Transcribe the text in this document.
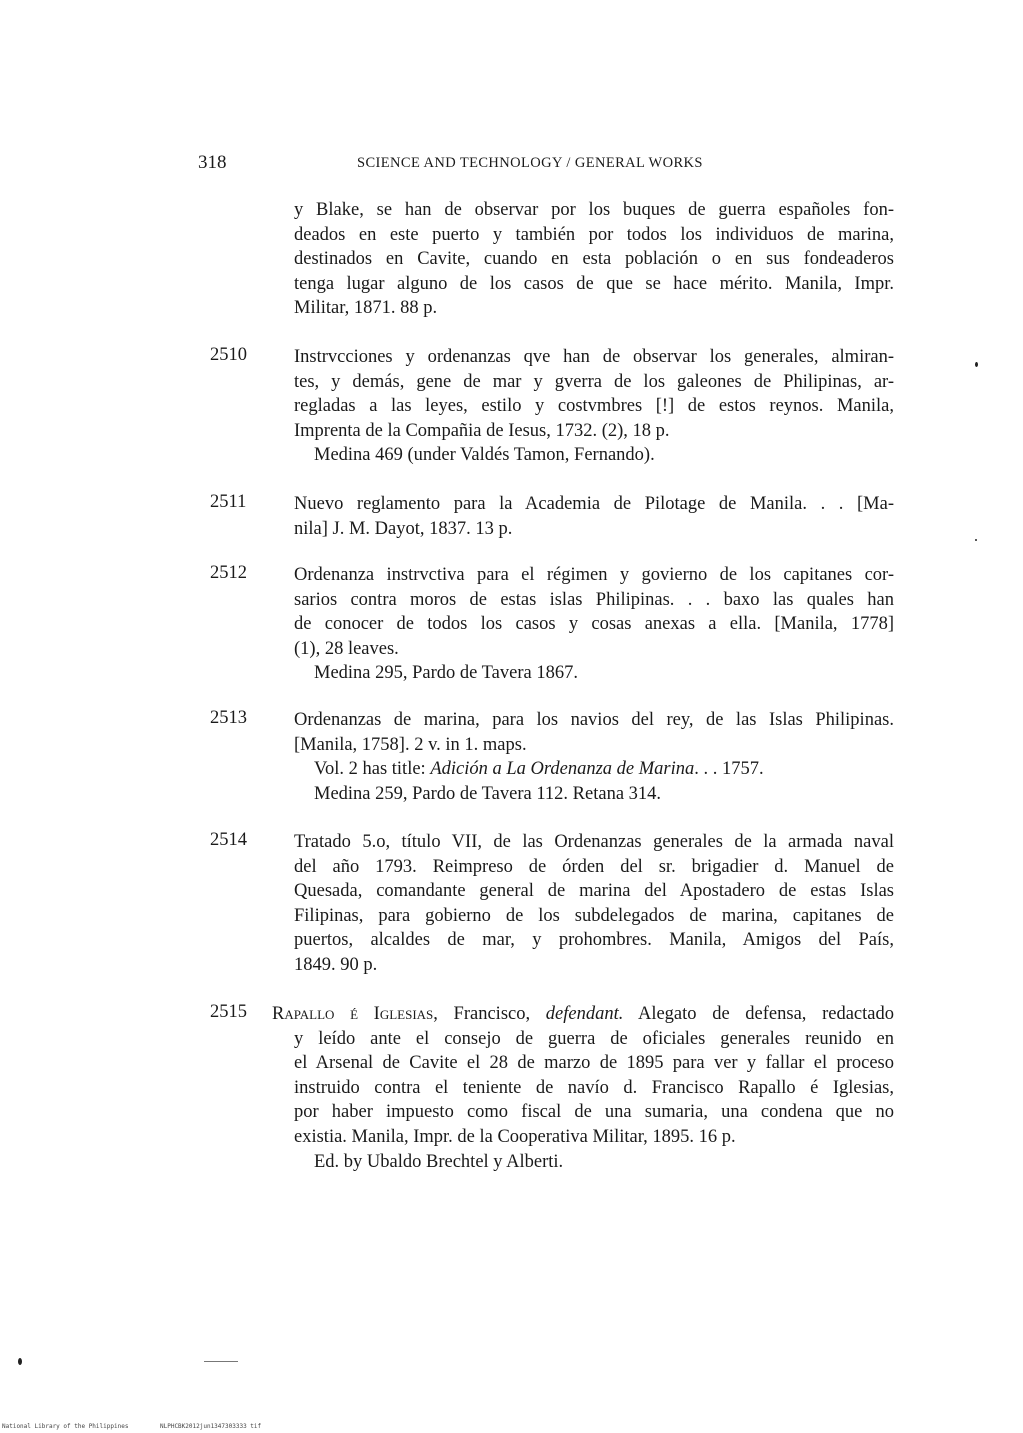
318	SCIENCE AND TECHNOLOGY / GENERAL WORKS
y Blake, se han de observar por los buques de guerra españoles fon-
deados en este puerto y también por todos los individuos de marina,
destinados en Cavite, cuando en esta población o en sus fondeaderos
tenga lugar alguno de los casos de que se hace mérito. Manila, Impr.
Militar, 1871. 88 p.
2510	Instrvcciones y ordenanzas qve han de observar los generales, almiran-
tes, y demás, gene de mar y gverra de los galeones de Philipinas, ar-
regladas a las leyes, estilo y costvmbres [!] de estos reynos. Manila,
Imprenta de la Compañia de Iesus, 1732. (2), 18 p.
Medina 469 (under Valdés Tamon, Fernando).
2511	Nuevo reglamento para la Academia de Pilotage de Manila. . . [Ma-
nila] J. M. Dayot, 1837. 13 p.
2512	Ordenanza instrvctiva para el régimen y govierno de los capitanes cor-
sarios contra moros de estas islas Philipinas. . . baxo las quales han
de conocer de todos los casos y cosas anexas a ella. [Manila, 1778]
(1), 28 leaves.
Medina 295, Pardo de Tavera 1867.
2513	Ordenanzas de marina, para los navios del rey, de las Islas Philipinas.
[Manila, 1758]. 2 v. in 1. maps.
Vol. 2 has title: Adición a La Ordenanza de Marina. . . 1757.
Medina 259, Pardo de Tavera 112. Retana 314.
2514	Tratado 5.o, título VII, de las Ordenanzas generales de la armada naval
del año 1793. Reimpreso de órden del sr. brigadier d. Manuel de
Quesada, comandante general de marina del Apostadero de estas Islas
Filipinas, para gobierno de los subdelegados de marina, capitanes de
puertos, alcaldes de mar, y prohombres. Manila, Amigos del País,
1849. 90 p.
2515 Rapallo é Iglesias, Francisco, defendant. Alegato de defensa, redactado
y leído ante el consejo de guerra de oficiales generales reunido en
el Arsenal de Cavite el 28 de marzo de 1895 para ver y fallar el proceso
instruido contra el teniente de navío d. Francisco Rapallo é Iglesias,
por haber impuesto como fiscal de una sumaria, una condena que no
existia. Manila, Impr. de la Cooperativa Militar, 1895. 16 p.
Ed. by Ubaldo Brechtel y Alberti.
National Library of the Philippines	NLPHCBK2012jun1347303333 tif
